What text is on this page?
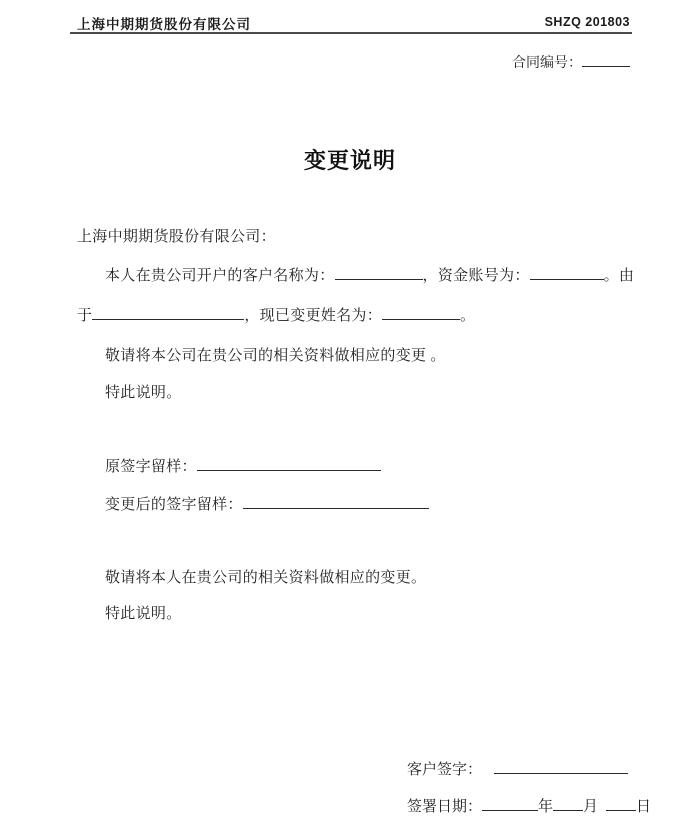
上海中期期货股份有限公司	SHZQ 201803
合同编号：
变更说明
上海中期期货股份有限公司：
本人在贵公司开户的客户名称为：	，资金账号为：	。由
于	，现已变更姓名为：	。
敬请将本公司在贵公司的相关资料做相应的变更 。
特此说明。
原签字留样：
变更后的签字留样：
敬请将本人在贵公司的相关资料做相应的变更。
特此说明。
客户签字：
签署日期：	年 月	日
